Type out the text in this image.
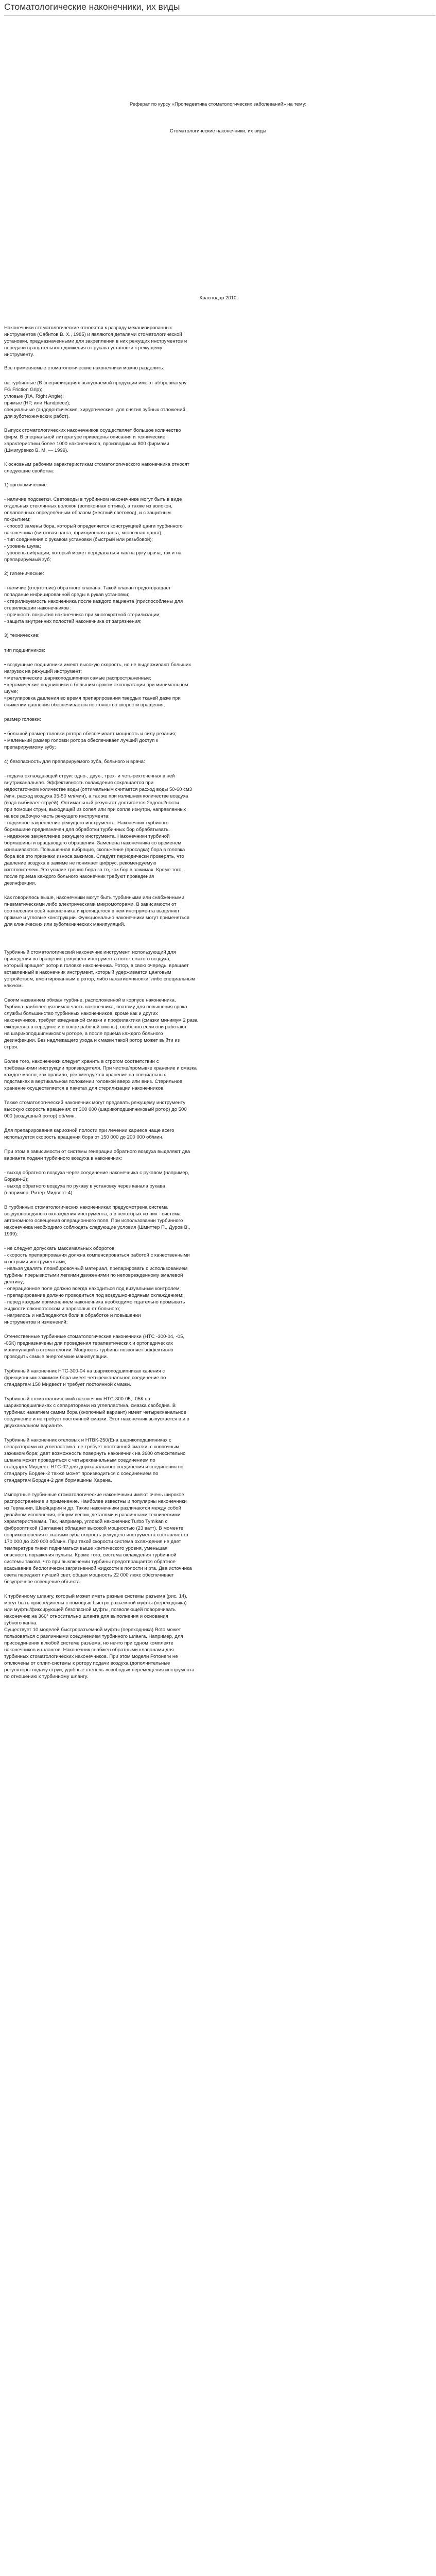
Стоматологические наконечники, их виды

Реферат по курсу «Пропедевтика стоматологических заболеваний» на тему:

Стоматологические наконечники, их виды

Краснодар 2010

Наконечники стоматологические относятся к разряду механизированных

инструментов (Сабитов В. Х., 1985) и являются деталями стоматологической

установки, предназначенными для закрепления в них режущих инструментов и

передачи вращательного движения от рукава установки к режущему

инструменту.

Все применяемые стоматологические наконечники можно разделить:

на турбинные (В специфицациях выпускаемой продукции имеют аббревиатуру

FG Friction Grip);

угловые (RA, Right Angle);

прямые (HP, или Handpiece);

специальные (эндодонтические, хирургические, для снятия зубных отложений,

для зуботехнических работ).

Выпуск стоматологических наконечников осуществляет большое количество

фирм. В специальной литературе приведены описания и технические

характеристики более 1000 наконечников, производимых 800 фирмами

(Шмигуренко В. М. — 1999).

К основным рабочим характеристикам стоматологического наконечника относят

следующие свойства:

1) эргономические:

- наличие подсветки. Световоды в турбинном наконечнике могут быть в виде

отдельных стеклянных волокон (волоконная оптика), а также из волокон,

оплавленных определённым образом (жесткий световод), и с защитным

покрытием;

- способ замены бора, который определяется конструкцией цанги турбинного

наконечника (винтовая цанга, фрикционная цанга, кнопочная цанга);

- тип соединения с рукавом установки (быстрый или резьбовой);

- уровень шума;

- уровень вибрации, который может передаваться как на руку врача, так и на

препарируемый зуб;

2) гигиенические:

- наличие (отсутствие) обратного клапана. Такой клапан предотвращает

попадание инфицированной среды в рукав установки;

- стерилизуемость наконечника после каждого пациента (приспособлены для

стерилизации наконечников :

- прочность покрытия наконечника при многократной стерилизации;

- защита внутренних полостей наконечника от загрязнения;

3) технические:

тип подшипников:

• воздушные подшипники имеют высокую скорость, но не выдерживают больших

нагрузок на режущий инструмент;

• металлические шарикоподшипники самые распространенные;

• керамические подшипники с большим сроком эксплуатации при минимальном

шуме;

• регулировка давления во время препарирования твердых тканей даже при

снижении давления обеспечивается постоянство скорости вращения;

размер головки:

• большой размер головки ротора обеспечивает мощность и силу резания;

• маленький размер головки ротора обеспечивает лучший доступ к

препарируемому зубу;

4) безопасность для препарируемого зуба, больного и врача:

- подача охлаждающей струи: одно-, двух-, трех- и четырехточечная в ней

внутриканальная. Эффективность охлаждения сокращается при

недостаточном количестве воды (оптимальным считается расход воды 50-60 см3

/мин, расход воздуха 35-50 мл/мин), а так же при излишнем количестве воздуха

(вода выбивает струёй). Оптимальный результат достигается 2вдоль2ности

при помощи струи, выходящей из сопел или при сопле изнутри, направленных

на все рабочую часть режущего инструмента;

- надежное закрепление режущего инструмента. Наконечник турбиного

бормашине предназначен для обработки турбинных бор обрабатывать.

- надежное закрепление режущего инструмента. Наконечники турбиной

бормашины и вращающего обращения. Заменена наконечника со временем

изнашиваются. Повышенная вибрация, скольжение (просадка) бора в головка

бора все это признаки износа зажимов. Следует периодически проверять, что

давление воздуха в зажиме не понижает цифрус, рекомендуемую

изготовителем. Это усилие трения бора за то, как бор в зажимах. Кроме того,

после приема каждого больного наконечник требуют проведения

дезинфекции.

Как говорилось выше, наконечники могут быть турбинными или снабженными

пневматическими либо электрическими микромоторами. В зависимости от

соотнесения осей наконечника и крепящегося в нем инструмента выделяют

прямые и угловые конструкции. Функционально наконечники могут применяться

для клинических или зуботехнических манипуляций.

Турбинный стоматологический наконечник инструмент, использующий для

приведения во вращение режущего инструмента поток сжатого воздуха,

который вращает ротор в головке наконечника. Ротор, в свою очередь, вращает

вставленный в наконечник инструмент, который удерживается цанговым

устройством, вмонтированным в ротор, либо нажатием кнопки, либо специальным

ключом.

Своим названием обязан турбине, расположенной в корпусе наконечника.

Турбина наиболее уязвимая часть наконечника, поэтому для повышения срока

службы большинство турбинных наконечников, кроме как и других

наконечников, требует ежедневной смазки и профилактики (смазки минимум 2 раза

ежедневно в середине и в конце рабочей смены), особенно если они работают

на шарикоподшипниковом роторе, а после приема каждого больного

дезинфекции. Без надлежащего ухода и смазки такой ротор может выйти из

строя.

Более того, наконечники следует хранить в строгом соответствии с

требованиями инструкции производителя. При чистке/промывке хранение и смазка

каждое масло, как правило, рекомендуется хранение на специальных

подставках в вертикальном положении головкой вверх или вниз. Стерильное

хранение осуществляется в пакетах для стерилизации наконечников.

Также стоматологический наконечник могут предавать режущему инструменту

высокую скорость вращения: от 300 000 (шарикоподшипниковый ротор) до 500

000 (воздушный ротор) об/мин.

Для препарирования кариозной полости при лечении кариеса чаще всего

используется скорость вращения бора от 150 000 до 200 000 об/мин.

При этом в зависимости от системы генерации обратного воздуха выделяют два

варианта подачи турбинного воздуха в наконечник:

- выход обратного воздуха через соединение наконечника с рукавом (например,

Борден-2);

- выход обратного воздуха по рукаву в установку через канала рукава

(например, Ритер-Мидвест-4).

В турбинных стоматологических наконечниках предусмотрена система

воздушноводяного охлаждения инструмента, а в некоторых из них - система

автономного освещения операционного поля. При использовании турбинного

наконечника необходимо соблюдать следующие условия (Шмиттер П., Дуров В.,

1999):

- не следует допускать максимальных оборотов;

- скорость препарирования должна компенсироваться работой с качественными

и острыми инструментами;

- нельзя удалять пломбировочный материал, препарировать с использованием

турбины прерывистыми легкими движениями по неповрежденному эмалевой

дентину;

- операционное поле должно всегда находиться под визуальным контролем;

- препарирование должно проводиться под воздушно-водяным охлаждением;

- перед каждым применением наконечника необходимо тщательно промывать

жидкости слюноотсосом и аэрозолью от больного;

- нагрелось и наблюдаются боли в обработке и повышении

инструментов и изменений;

Отечественные турбинные стоматологические наконечники (НТС -300-04, -05,

-05К) предназначены для проведения терапевтических и ортопедических

манипуляций в стоматологии. Мощность турбины позволяет эффективно

проводить самые энергоемкие манипуляции.

Турбинный наконечник НТС-300-04 на шарикоподшипниках качения с

фрикционным зажимом бора имеет четырехканальное соединение по

стандартам 150 Мидвест и требует постоянной смазки.

Турбинный стоматологический наконечник НТС-300-05, -05К на

шарикоподшипниках с сепараторами из углепластика, смазка свободна. В

турбинах нажатием самим бора (кнопочный вариант) имеет четырехканальное

соединение и не требует постоянной смазки. Этот наконечник выпускается в и в

двухканальном варианте.

Турбинный наконечник отеловых и НТВК-250(Ена шарикоподшипниках с

сепараторами из углепластика, не требует постоянной смазки, с кнопочным

зажимом бора; дает возможность повернуть наконечник на 3600 относительно

шланга может проводиться с четырехканальным соединением по

стандарту Мидвест. НТС-02 для двухканального соединения и соединения по

стандарту Борден-2 также может производиться с соединением по

стандартам Борден-2 для бормашины Харана.

Импортные турбинные стоматологические наконечники имеют очень широкое

распространение и применение. Наиболее известны и популярны наконечники

из Германии, Швейцарии и др. Такие наконечники различаются между собой

дизайном исполнения, общим весом, деталями и различными техническими

характеристиками. Так, например, угловой наконечник Turbo Tymikan с

фиброоптикой (Заглавие) обладает высокой мощностью (23 ватт). В моменте

соприкосновения с тканями зуба скорость режущего инструмента составляет от

170 000 до 220 000 об/мин. При такой скорости система охлаждения не дает

температуре ткани подниматься выше критического уровня, уменьшая

опасность поражения пульпы. Кроме того, система охлаждения турбинной

системы такова, что при выключении турбины предотвращается обратное

всасывание биологически загрязненной жидкости в полости и рта. Два источника

света передают лучший свет, общая мощность 22 000 люкс обеспечивает

безупречное освещение объекта.

К турбинному шлангу, который может иметь разные системы разъема (рис. 14),

могут быть присоединены с помощью быстро разъемной муфты (переходника)

или муфты/фиксирующей безопасной муфты, позволяющей поворачивать

наконечник на 360° относительно шланга для выполнения и основания

зубного канна.

Существует 10 моделей быстроразъемной муфты (переходника) Roto может

пользоваться с различными соединением турбинного шланга. Например, для

присоединения к любой системе разъема, но нечто при одном комплекте

наконечников и шлангов: Наконечник снабжен обратными клапанами для

турбинных стоматологических наконечников. При этом модели Ротонеги не

отключены от сплит-системы к ротору подачи воздуха (дополнительные

регуляторы подачу струи, удобные стенель «свободы» перемещения инструмента

по отношению к турбинному шлангу.
